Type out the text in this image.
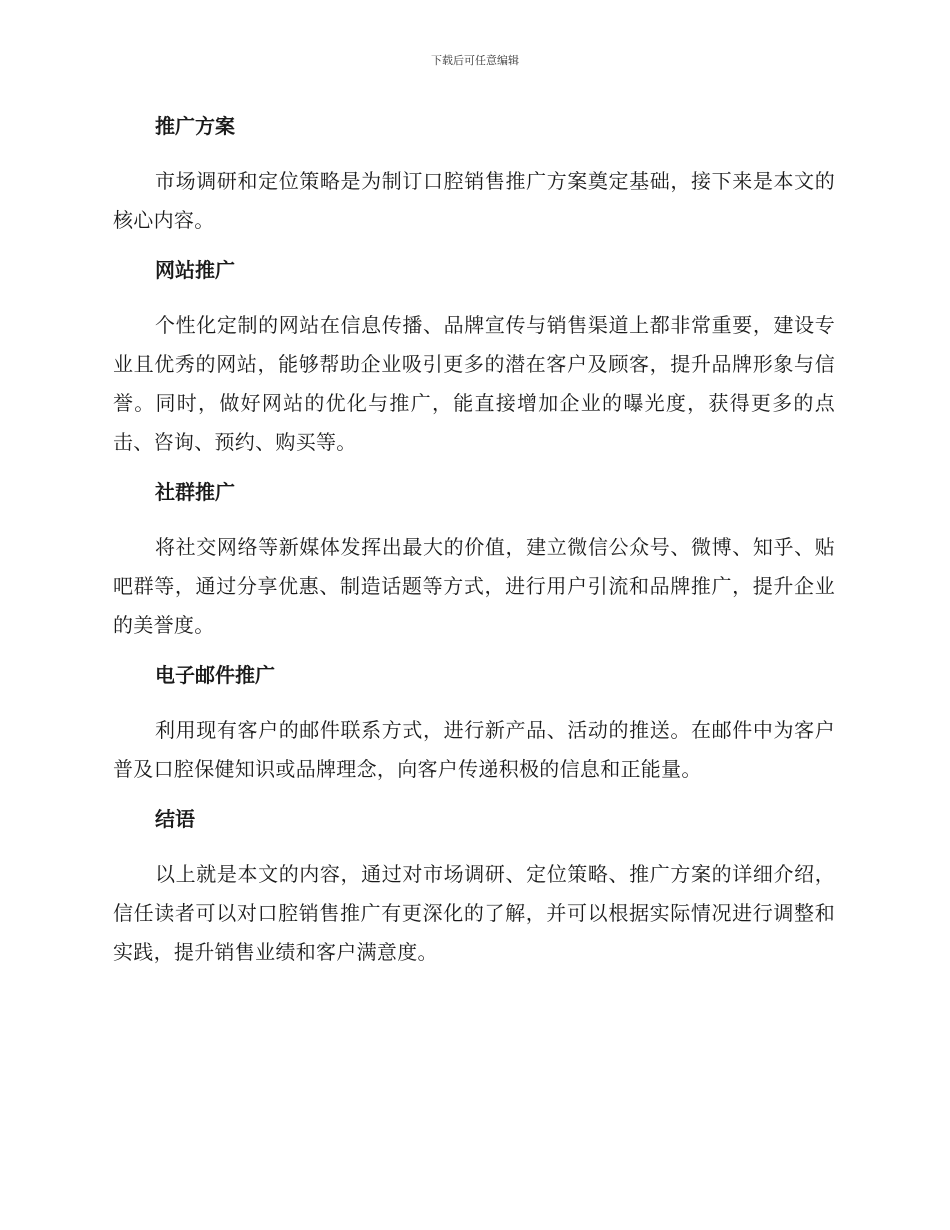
下载后可任意编辑
推广方案

市场调研和定位策略是为制订口腔销售推广方案奠定基础，接下来是本文的核心内容。

网站推广

个性化定制的网站在信息传播、品牌宣传与销售渠道上都非常重要，建设专业且优秀的网站，能够帮助企业吸引更多的潜在客户及顾客，提升品牌形象与信誉。同时，做好网站的优化与推广，能直接增加企业的曝光度，获得更多的点击、咨询、预约、购买等。

社群推广

将社交网络等新媒体发挥出最大的价值，建立微信公众号、微博、知乎、贴吧群等，通过分享优惠、制造话题等方式，进行用户引流和品牌推广，提升企业的美誉度。

电子邮件推广

利用现有客户的邮件联系方式，进行新产品、活动的推送。在邮件中为客户普及口腔保健知识或品牌理念，向客户传递积极的信息和正能量。

结语

以上就是本文的内容，通过对市场调研、定位策略、推广方案的详细介绍，信任读者可以对口腔销售推广有更深化的了解，并可以根据实际情况进行调整和实践，提升销售业绩和客户满意度。
